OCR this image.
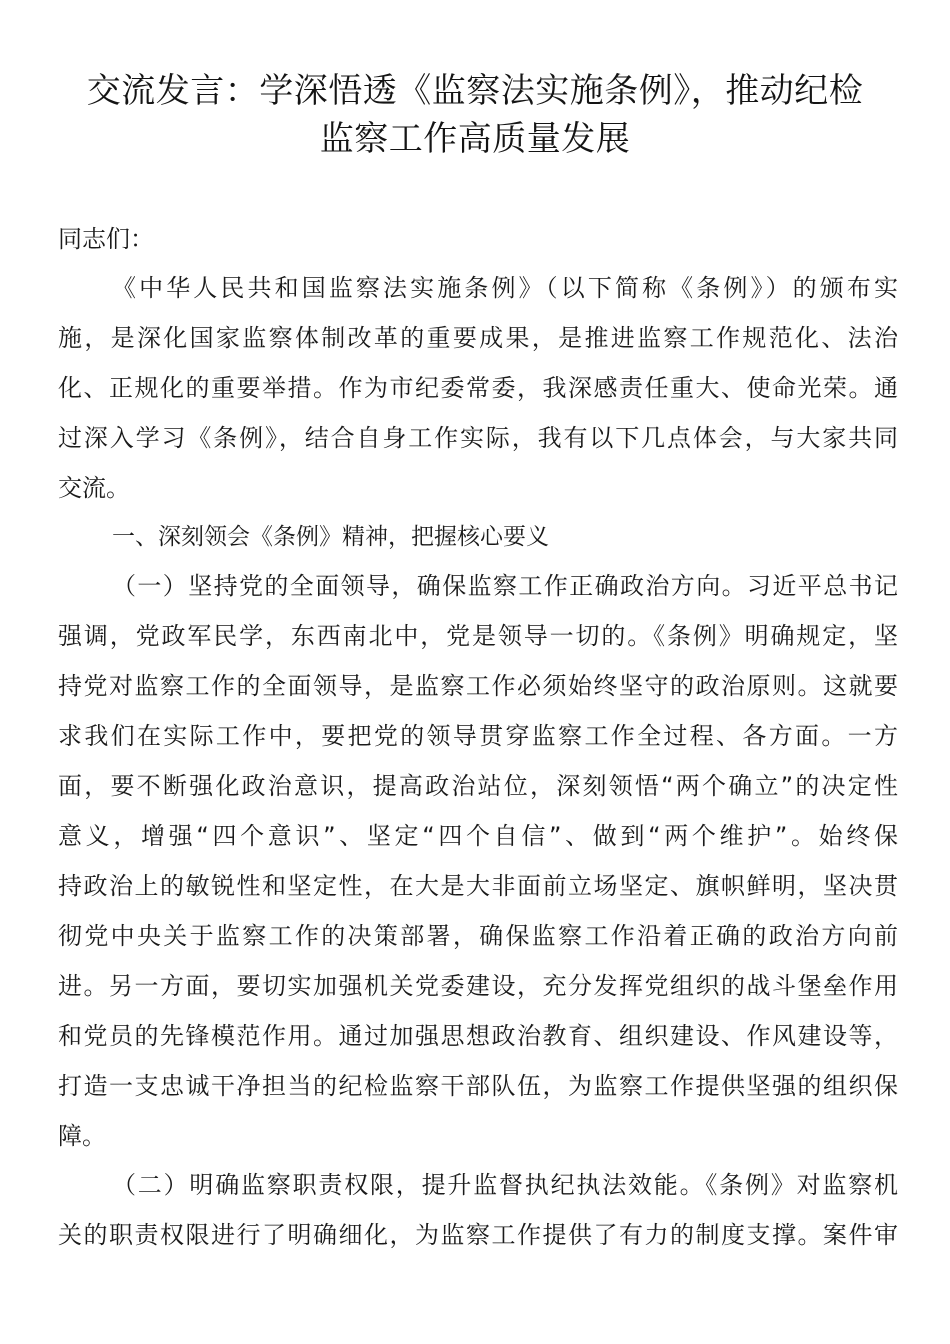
交流发言：学深悟透《监察法实施条例》，推动纪检
监察工作高质量发展

同志们：

《中华人民共和国监察法实施条例》（以下简称《条例》）的颁布实

施，是深化国家监察体制改革的重要成果，是推进监察工作规范化、法治

化、正规化的重要举措。作为市纪委常委，我深感责任重大、使命光荣。通

过深入学习《条例》，结合自身工作实际，我有以下几点体会，与大家共同

交流。

一、深刻领会《条例》精神，把握核心要义

（一）坚持党的全面领导，确保监察工作正确政治方向。习近平总书记

强调，党政军民学，东西南北中，党是领导一切的。《条例》明确规定，坚

持党对监察工作的全面领导，是监察工作必须始终坚守的政治原则。这就要

求我们在实际工作中，要把党的领导贯穿监察工作全过程、各方面。一方

面，要不断强化政治意识，提高政治站位，深刻领悟“两个确立”的决定性

意义，增强“四个意识”、坚定“四个自信”、做到“两个维护”。始终保

持政治上的敏锐性和坚定性，在大是大非面前立场坚定、旗帜鲜明，坚决贯

彻党中央关于监察工作的决策部署，确保监察工作沿着正确的政治方向前

进。另一方面，要切实加强机关党委建设，充分发挥党组织的战斗堡垒作用

和党员的先锋模范作用。通过加强思想政治教育、组织建设、作风建设等，

打造一支忠诚干净担当的纪检监察干部队伍，为监察工作提供坚强的组织保

障。

（二）明确监察职责权限，提升监督执纪执法效能。《条例》对监察机

关的职责权限进行了明确细化，为监察工作提供了有力的制度支撑。案件审
